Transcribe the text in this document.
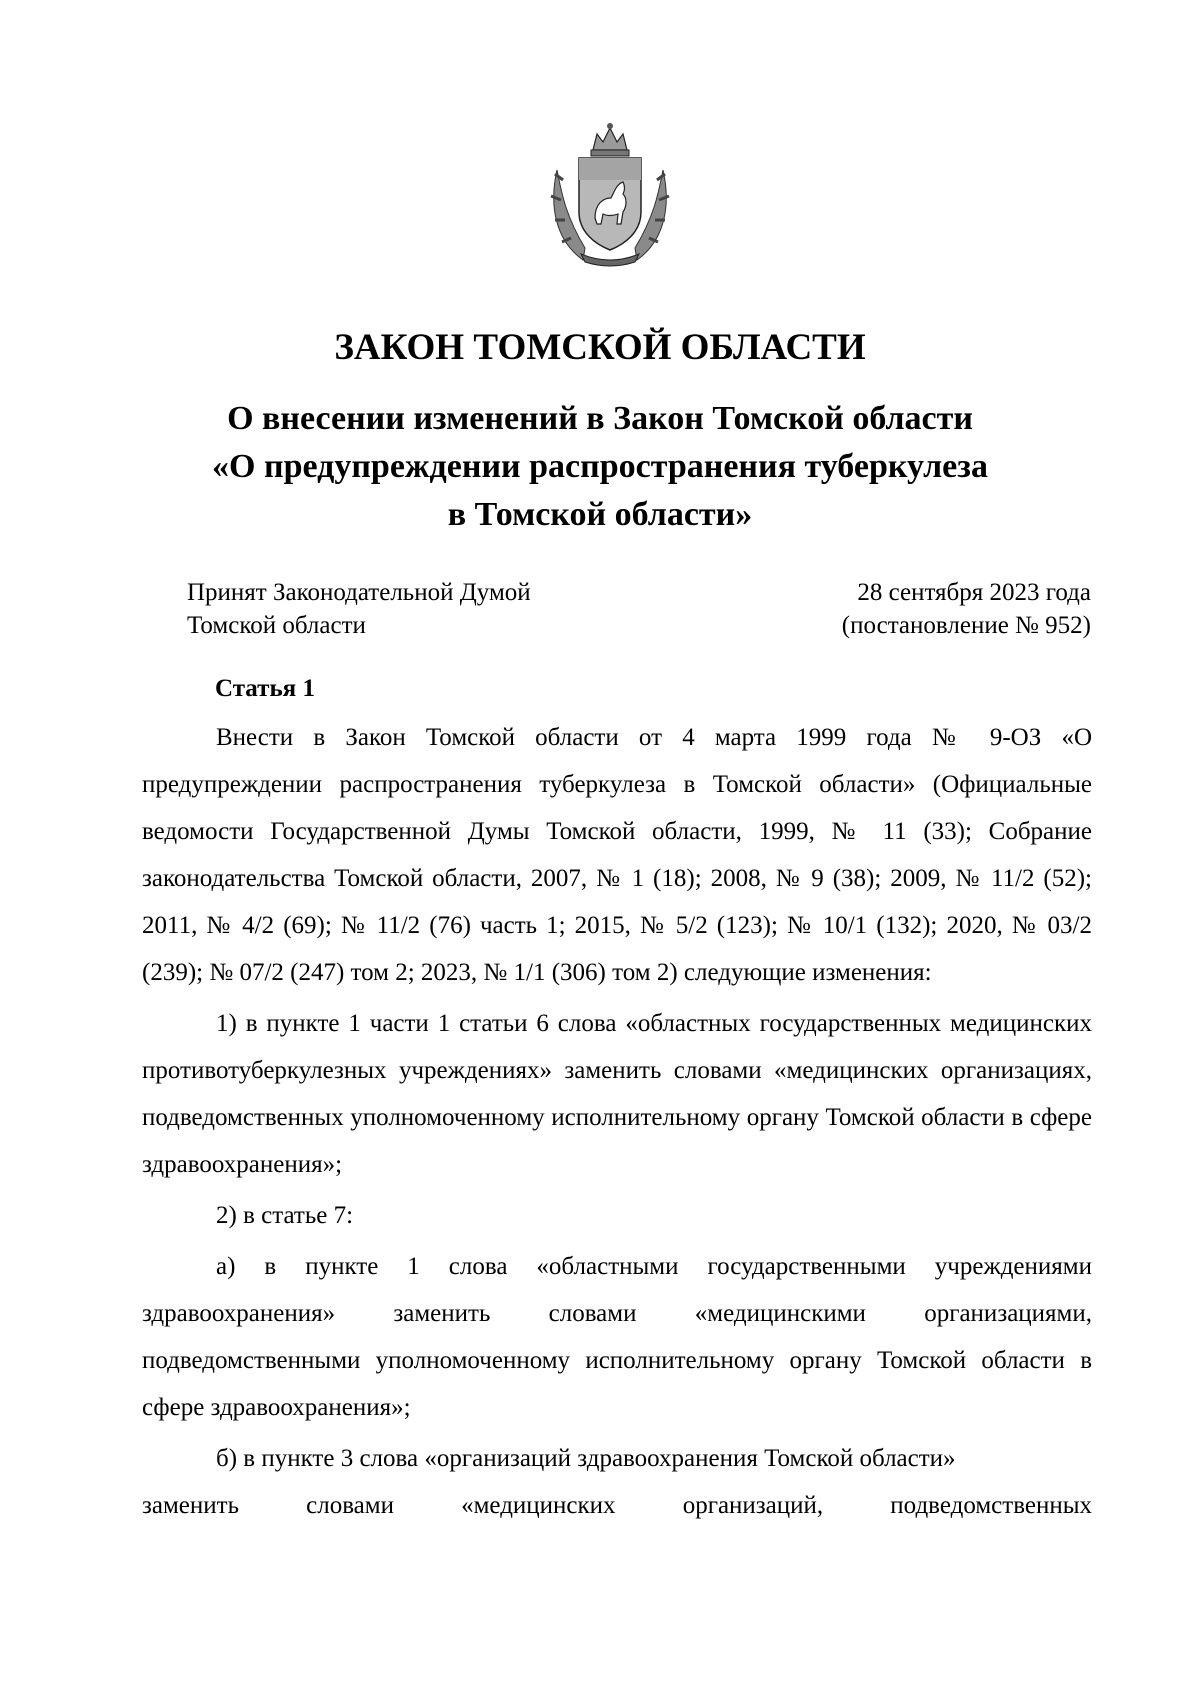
ЗАКОН ТОМСКОЙ ОБЛАСТИ
О внесении изменений в Закон Томской области
«О предупреждении распространения туберкулеза
в Томской области»
Принят Законодательной Думой
Томской области
28 сентября 2023 года
(постановление № 952)
Статья 1

Внести в Закон Томской области от 4 марта 1999 года № 9-ОЗ «О предупреждении распространения туберкулеза в Томской области» (Официальные ведомости Государственной Думы Томской области, 1999, № 11 (33); Собрание законодательства Томской области, 2007, № 1 (18); 2008, № 9 (38); 2009, № 11/2 (52); 2011, № 4/2 (69); № 11/2 (76) часть 1; 2015, № 5/2 (123); № 10/1 (132); 2020, № 03/2 (239); № 07/2 (247) том 2; 2023, № 1/1 (306) том 2) следующие изменения:

1) в пункте 1 части 1 статьи 6 слова «областных государственных медицинских противотуберкулезных учреждениях» заменить словами «медицинских организациях, подведомственных уполномоченному исполнительному органу Томской области в сфере здравоохранения»;

2) в статье 7:

а) в пункте 1 слова «областными государственными учреждениями здравоохранения» заменить словами «медицинскими организациями, подведомственными уполномоченному исполнительному органу Томской области в сфере здравоохранения»;

б) в пункте 3 слова «организаций здравоохранения Томской области»

заменить словами «медицинских организаций, подведомственных
